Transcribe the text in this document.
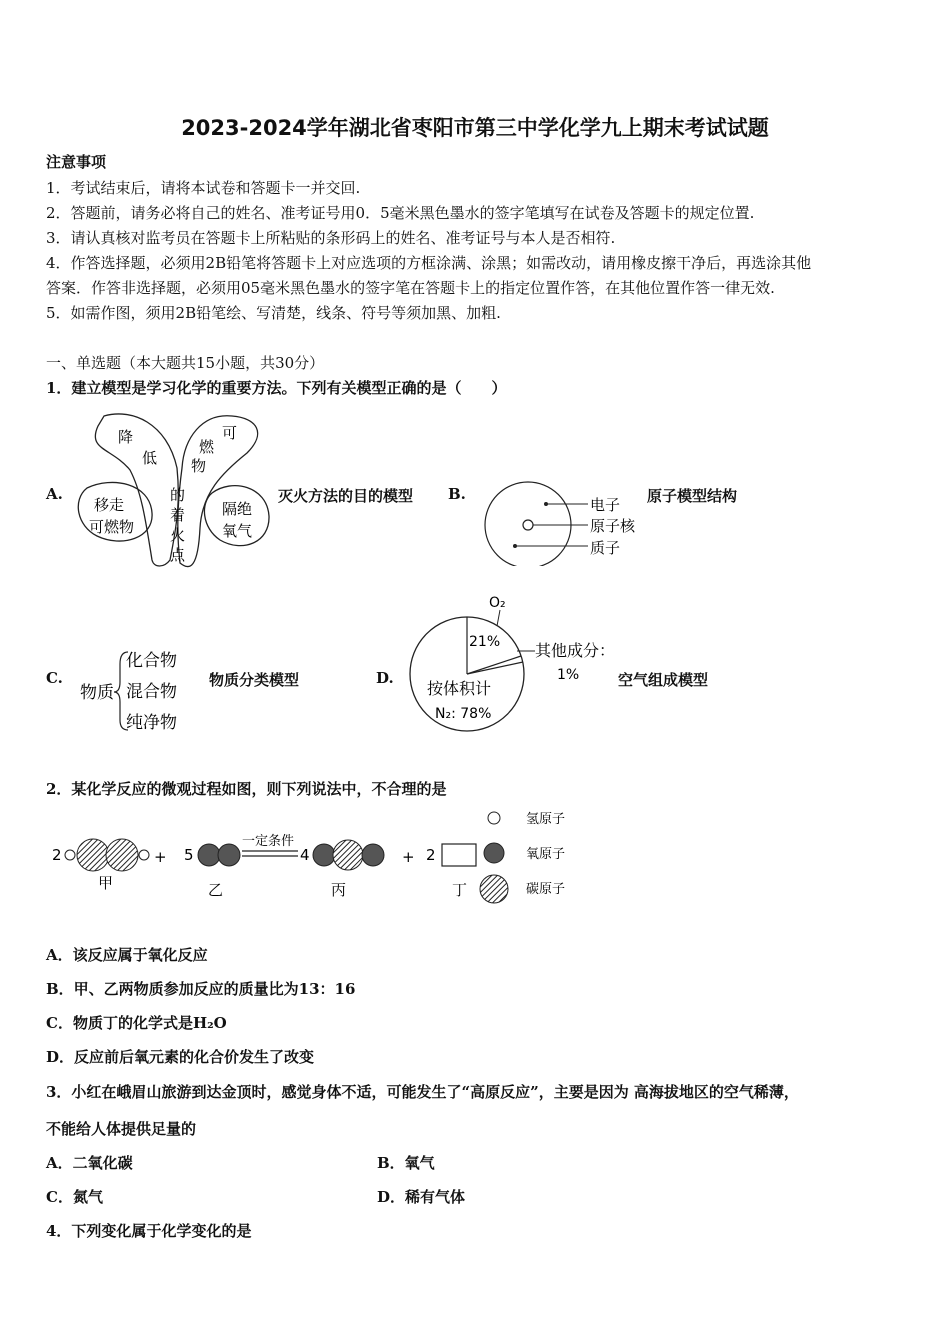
2023-2024学年湖北省枣阳市第三中学化学九上期末考试试题
注意事项
1．考试结束后，请将本试卷和答题卡一并交回.
2．答题前，请务必将自己的姓名、准考证号用0．5毫米黑色墨水的签字笔填写在试卷及答题卡的规定位置.
3．请认真核对监考员在答题卡上所粘贴的条形码上的姓名、准考证号与本人是否相符.
4．作答选择题，必须用2B铅笔将答题卡上对应选项的方框涂满、涂黑；如需改动，请用橡皮擦干净后，再选涂其他
答案．作答非选择题，必须用05毫米黑色墨水的签字笔在答题卡上的指定位置作答，在其他位置作答一律无效.
5．如需作图，须用2B铅笔绘、写清楚，线条、符号等须加黑、加粗.
一、单选题（本大题共15小题，共30分）
1．建立模型是学习化学的重要方法。下列有关模型正确的是（　　）
A.
降
低
可
燃
物
的
着
火
点
移走
可燃物
隔绝
氧气
灭火方法的目的模型 B.
电子
原子核
质子
原子模型结构
C.
物质
化合物
混合物
纯净物
物质分类模型	D.
O₂
21% 其他成分：
1%
按体积计
N₂: 78%
空气组成模型
2．某化学反应的微观过程如图，则下列说法中，不合理的是
2
甲
+ 5
乙
一定条件
4
丙
+ 2
丁
氢原子
氧原子
碳原子
A．该反应属于氧化反应
B．甲、乙两物质参加反应的质量比为13：16
C．物质丁的化学式是H₂O
D．反应前后氧元素的化合价发生了改变
3．小红在峨眉山旅游到达金顶时，感觉身体不适，可能发生了“高原反应”，主要是因为 高海拔地区的空气稀薄，
不能给人体提供足量的
A．二氧化碳	B．氧气
C．氮气	D．稀有气体
4．下列变化属于化学变化的是
